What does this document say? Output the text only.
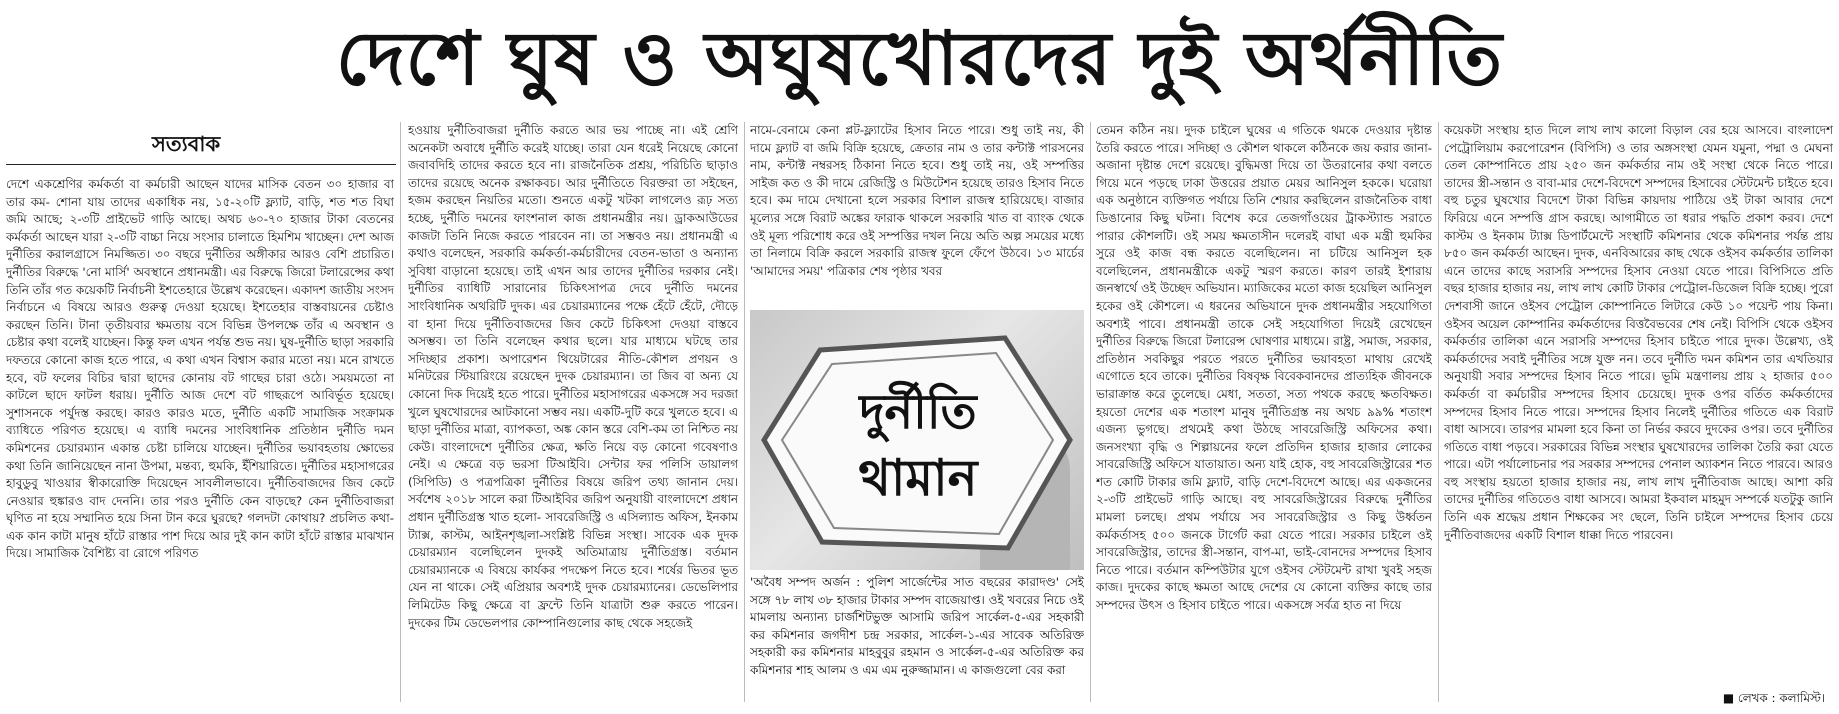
দেশে ঘুষ ও অঘুষখোরদের দুই অর্থনীতি
সত্যবাক

দেশে একশ্রেণির কর্মকর্তা বা কর্মচারী আছেন যাদের মাসিক বেতন ৩০ হাজার বা তার কম- শোনা যায় তাদের একাধিক নয়, ১৫-২০টি ফ্ল্যাট, বাড়ি, শত শত বিঘা জমি আছে; ২-৩টি প্রাইভেট গাড়ি আছে। অথচ ৬০-৭০ হাজার টাকা বেতনের কর্মকর্তা আছেন যারা ২-৩টি বাচ্চা নিয়ে সংসার চালাতে হিমশিম খাচ্ছেন। দেশ আজ দুর্নীতির করালগ্রাসে নিমজ্জিত। ৩০ বছরে দুর্নীতির অঙ্গীকার আরও বেশি প্রচারিত। দুর্নীতির বিরুদ্ধে 'নো মার্সি' অবস্থানে প্রধানমন্ত্রী। এর বিরুদ্ধে জিরো টলারেন্সের কথা তিনি তাঁর গত কয়েকটি নির্বাচনী ইশতেহারে উল্লেখ করেছেন। একাদশ জাতীয় সংসদ নির্বাচনে এ বিষয়ে আরও গুরুত্ব দেওয়া হয়েছে। ইশতেহার বাস্তবায়নের চেষ্টাও করছেন তিনি। টানা তৃতীয়বার ক্ষমতায় বসে বিভিন্ন উপলক্ষে তাঁর এ অবস্থান ও চেষ্টার কথা বলেই যাচ্ছেন। কিন্তু ফল এখন পর্যন্ত শুভ নয়। ঘুষ-দুর্নীতি ছাড়া সরকারি দফতরে কোনো কাজ হতে পারে, এ কথা এখন বিশ্বাস করার মতো নয়। মনে রাখতে হবে, বট ফলের বিচির দ্বারা ছাদের কোনায় বট গাছের চারা ওঠে। সময়মতো না কাটলে ছাদে ফাটল ধরায়। দুর্নীতি আজ দেশে বট গাছরূপে আবির্ভূত হয়েছে। সুশাসনকে পর্যুদস্ত করছে। কারও কারও মতে, দুর্নীতি একটি সামাজিক সংক্রামক ব্যাধিতে পরিণত হয়েছে। এ ব্যাধি দমনের সাংবিধানিক প্রতিষ্ঠান দুর্নীতি দমন কমিশনের চেয়ারম্যান একান্ত চেষ্টা চালিয়ে যাচ্ছেন। দুর্নীতির ভয়াবহতায় ক্ষোভের কথা তিনি জানিয়েছেন নানা উপমা, মন্তব্য, হুমকি, ইঁশিয়ারিতে। দুর্নীতির মহাসাগরের হাবুডুবু খাওয়ার স্বীকারোক্তি দিয়েছেন সাবলীলভাবে। দুর্নীতিবাজদের জিব কেটে নেওয়ার হুঙ্কারও বাদ দেননি। তার পরও দুর্নীতি কেন বাড়ছে? কেন দুর্নীতিবাজরা ঘৃণিত না হয়ে সম্মানিত হয়ে সিনা টান করে ঘুরছে? গলদটা কোথায়? প্রচলিত কথা- এক কান কাটা মানুষ হাঁটে রাস্তার পাশ দিয়ে আর দুই কান কাটা হাঁটে রাস্তার মাঝখান দিয়ে। সামাজিক বৈশিষ্ট্য বা রোগে পরিণত

হওয়ায় দুর্নীতিবাজরা দুর্নীতি করতে আর ভয় পাচ্ছে না। এই শ্রেণি অনেকটা অবাধে দুর্নীতি করেই যাচ্ছে। তারা যেন ধরেই নিয়েছে কোনো জবাবদিহি তাদের করতে হবে না। রাজনৈতিক প্রশ্রয়, পরিচিতি ছাড়াও তাদের রয়েছে অনেক রক্ষাকবচ। আর দুর্নীতিতে বিরক্তরা তা সইছেন, হজম করছেন নিয়তির মতো। শুনতে একটু খটকা লাগলেও রূঢ় সত্য হচ্ছে, দুর্নীতি দমনের ফাংশনাল কাজ প্রধানমন্ত্রীর নয়। ড্রাকআউডের কাজটা তিনি নিজে করতে পারবেন না। তা সম্ভবও নয়। প্রধানমন্ত্রী এ কথাও বলেছেন, সরকারি কর্মকর্তা-কর্মচারীদের বেতন-ভাতা ও অন্যান্য সুবিধা বাড়ানো হয়েছে। তাই এখন আর তাদের দুর্নীতির দরকার নেই। দুর্নীতির ব্যাধিটি সারানোর চিকিৎসাপত্র দেবে দুর্নীতি দমনের সাংবিধানিক অথরিটি দুদক। এর চেয়ারম্যানের পক্ষে হেঁটে হেঁটে, দৌড়ে বা হানা দিয়ে দুর্নীতিবাজদের জিব কেটে চিকিৎসা দেওয়া বাস্তবে অসম্ভব। তা তিনি বলেছেন কথার ছলে। যার মাধ্যমে ঘটছে তার সদিচ্ছার প্রকাশ। অপারেশন থিয়েটারের নীতি-কৌশল প্রণয়ন ও মনিটরের স্টিয়ারিংয়ে রয়েছেন দুদক চেয়ারম্যান। তা জিব বা অন্য যে কোনো দিক দিয়েই হতে পারে। দুর্নীতির মহাসাগরের একসঙ্গে সব দরজা খুলে ঘুষখোরদের আটকানো সম্ভব নয়। একটি-দুটি করে খুলতে হবে। এ ছাড়া দুর্নীতির মাত্রা, ব্যাপকতা, অঙ্ক কোন স্তরে বেশি-কম তা নিশ্চিত নয় কেউ। বাংলাদেশে দুর্নীতির ক্ষেত্র, ক্ষতি নিয়ে বড় কোনো গবেষণাও নেই। এ ক্ষেত্রে বড় ভরসা টিআইবি। সেন্টার ফর পলিসি ডায়ালগ (সিপিডি) ও পত্রপত্রিকা দুর্নীতির বিষয়ে জরিপ তথ্য জানান দেয়। সর্বশেষ ২০১৮ সালে করা টিআইবির জরিপ অনুযায়ী বাংলাদেশে প্রধান প্রধান দুর্নীতিগ্রস্ত খাত হলো- সাবরেজিস্ট্রি ও এসিল্যান্ড অফিস, ইনকাম ট্যাক্স, কাস্টম, আইনশৃঙ্খলা-সংশ্লিষ্ট বিভিন্ন সংস্থা। সাবেক এক দুদক চেয়ারম্যান বলেছিলেন দুদকই অতিমাত্রায় দুর্নীতিগ্রস্ত। বর্তমান চেয়ারম্যানকে এ বিষয়ে কার্যকর পদক্ষেপ নিতে হবে। শর্ষের ভিতর ভূত যেন না থাকে। সেই এপ্রিয়ার অবশ্যই দুদক চেয়ারম্যানের। ডেভেলিপার লিমিটেড কিছু ক্ষেত্রে বা ফ্রন্টে তিনি যাত্রাটা শুরু করতে পারেন। দুদকের টিম ডেভেলপার কোম্পানিগুলোর কাছ থেকে সহজেই

নামে-বেনামে কেনা প্লট-ফ্ল্যাটের হিসাব নিতে পারে। শুধু তাই নয়, কী দামে ফ্ল্যাট বা জমি বিক্রি হয়েছে, ক্রেতার নাম ও তার কন্টাক্ট পারসনের নাম, কন্টাক্ট নম্বরসহ ঠিকানা নিতে হবে। শুধু তাই নয়, ওই সম্পত্তির সাইজ কত ও কী দামে রেজিস্ট্রি ও মিউটেশন হয়েছে তারও হিসাব নিতে হবে। কম দামে দেখানো হলে সরকার বিশাল রাজস্ব হারিয়েছে। বাজার মূল্যের সঙ্গে বিরাট অঙ্কের ফারাক থাকলে সরকারি খাত বা ব্যাংক থেকে ওই মূল্য পরিশোধ করে ওই সম্পত্তির দখল নিয়ে অতি অল্প সময়ের মধ্যে তা নিলামে বিক্রি করলে সরকারি রাজস্ব ফুলে ফেঁপে উঠবে। ১৩ মার্চের 'আমাদের সময়' পত্রিকার শেষ পৃষ্ঠার খবর

দুর্নীতি
থামান
'অবৈধ সম্পদ অর্জন : পুলিশ সার্জেন্টের সাত বছরের কারাদণ্ড' সেই সঙ্গে ৭৮ লাখ ৩৮ হাজার টাকার সম্পদ বাজেয়াপ্ত। ওই খবরের নিচে ওই মামলায় অন্যান্য চার্জশিটভুক্ত আসামি জরিপ সার্কেল-৫-এর সহকারী কর কমিশনার জগদীশ চন্দ্র সরকার, সার্কেল-১-এর সাবেক অতিরিক্ত সহকারী কর কমিশনার মাহবুবুর রহমান ও সার্কেল-৫-এর অতিরিক্ত কর কমিশনার শাহ আলম ও এম এম নুরুজ্জামান। এ কাজগুলো বের করা

তেমন কঠিন নয়। দুদক চাইলে ঘুষের এ গতিকে থমকে দেওয়ার দৃষ্টান্ত তৈরি করতে পারে। সদিচ্ছা ও কৌশল থাকলে কঠিনকে জয় করার জানা-অজানা দৃষ্টান্ত দেশে রয়েছে। বুদ্ধিমত্তা দিয়ে তা উতরানোর কথা বলতে গিয়ে মনে পড়ছে ঢাকা উত্তরের প্রয়াত মেয়র আনিসুল হককে। ঘরোয়া এক অনুষ্ঠানে ব্যক্তিগত পর্যায়ে তিনি শেয়ার করছিলেন রাজনৈতিক বাধা ডিঙানোর কিছু ঘটনা। বিশেষ করে তেজগাঁওয়ের ট্রাকস্ট্যান্ড সরাতে পারার কৌশলটি। ওই সময় ক্ষমতাসীন দলেরই বাঘা এক মন্ত্রী হুমকির সুরে ওই কাজ বন্ধ করতে বলেছিলেন। না চটিয়ে আনিসুল হক বলেছিলেন, প্রধানমন্ত্রীকে একটু স্মরণ করতে। কারণ তারই ইশারায় জনস্বার্থে ওই উচ্ছেদ অভিযান। ম্যাজিকের মতো কাজ হয়েছিল আনিসুল হকের ওই কৌশলে। এ ধরনের অভিযানে দুদক প্রধানমন্ত্রীর সহযোগিতা অবশ্যই পাবে। প্রধানমন্ত্রী তাকে সেই সহযোগিতা দিয়েই রেখেছেন দুর্নীতির বিরুদ্ধে জিরো টলারেন্স ঘোষণার মাধ্যমে। রাষ্ট্র, সমাজ, সরকার, প্রতিষ্ঠান সবকিছুর পরতে পরতে দুর্নীতির ভয়াবহতা মাথায় রেখেই এগোতে হবে তাকে। দুর্নীতির বিষবৃক্ষ বিবেকবানদের প্রাত্যহিক জীবনকে ভারাক্রান্ত করে তুলেছে। মেধা, সততা, সত্য পথকে করছে ক্ষতবিক্ষত। হয়তো দেশের এক শতাংশ মানুষ দুর্নীতিগ্রস্ত নয় অথচ ৯৯% শতাংশ এজন্য ভুগছে। প্রথমেই কথা উঠছে সাবরেজিস্ট্রি অফিসের কথা। জনসংখ্যা বৃদ্ধি ও শিল্পায়নের ফলে প্রতিদিন হাজার হাজার লোকের সাবরেজিস্ট্রি অফিসে যাতায়াত। অন্য যাই হোক, বহু সাবরেজিস্ট্রারের শত শত কোটি টাকার জমি ফ্ল্যাট, বাড়ি দেশে-বিদেশে আছে। এর একজনের ২-৩টি প্রাইভেট গাড়ি আছে। বহু সাবরেজিস্ট্রারের বিরুদ্ধে দুর্নীতির মামলা চলছে। প্রথম পর্যায়ে সব সাবরেজিস্ট্রার ও কিছু উর্ধ্বতন কর্মকর্তাসহ ৫০০ জনকে টার্গেট করা যেতে পারে। সরকার চাইলে ওই সাবরেজিস্ট্রার, তাদের স্ত্রী-সন্তান, বাপ-মা, ভাই-বোনদের সম্পদের হিসাব নিতে পারে। বর্তমান কম্পিউটার যুগে ওইসব স্টেটমেন্ট রাখা খুবই সহজ কাজ। দুদকের কাছে ক্ষমতা আছে দেশের যে কোনো ব্যক্তির কাছে তার সম্পদের উৎস ও হিসাব চাইতে পারে। একসঙ্গে সর্বত্র হাত না দিয়ে

কয়েকটা সংস্থায় হাত দিলে লাখ লাখ কালো বিড়াল বের হয়ে আসবে। বাংলাদেশ পেট্রোলিয়াম করপোরেশন (বিপিসি) ও তার অঙ্গসংস্থা যেমন যমুনা, পদ্মা ও মেঘনা তেল কোম্পানিতে প্রায় ২৫০ জন কর্মকর্তার নাম ওই সংস্থা থেকে নিতে পারে। তাদের স্ত্রী-সন্তান ও বাবা-মার দেশে-বিদেশে সম্পদের হিসাবের স্টেটমেন্ট চাইতে হবে। বহু চতুর ঘুষখোর বিদেশে টাকা বিভিন্ন কায়দায় পাঠিয়ে ওই টাকা আবার দেশে ফিরিয়ে এনে সম্পত্তি গ্রাস করছে। আগামীতে তা ধরার পদ্ধতি প্রকাশ করব। দেশে কাস্টম ও ইনকাম ট্যাক্স ডিপার্টমেন্টে সংস্থাটি কমিশনার থেকে কমিশনার পর্যন্ত প্রায় ৮৫০ জন কর্মকর্তা আছেন। দুদক, এনবিআরের কাছ থেকে ওইসব কর্মকর্তার তালিকা এনে তাদের কাছে সরাসরি সম্পদের হিসাব নেওয়া যেতে পারে। বিপিসিতে প্রতি বছর হাজার হাজার নয়, লাখ লাখ কোটি টাকার পেট্রোল-ডিজেল বিক্রি হচ্ছে। পুরো দেশবাসী জানে ওইসব পেট্রোল কোম্পানিতে লিটারে কেউ ১০ পয়েন্ট পায় কিনা। ওইসব অয়েল কোম্পানির কর্মকর্তাদের বিত্তবৈভবের শেষ নেই। বিপিসি থেকে ওইসব কর্মকর্তার তালিকা এনে সরাসরি সম্পদের হিসাব চাইতে পারে দুদক। উল্লেখ্য, ওই কর্মকর্তাদের সবাই দুর্নীতির সঙ্গে যুক্ত নন। তবে দুর্নীতি দমন কমিশন তার এখতিয়ার অনুযায়ী সবার সম্পদের হিসাব নিতে পারে। ভূমি মন্ত্রণালয় প্রায় ২ হাজার ৫০০ কর্মকর্তা বা কর্মচারীর সম্পদের হিসাব চেয়েছে। দুদক ওপর বর্তিত কর্মকর্তাদের সম্পদের হিসাব নিতে পারে। সম্পদের হিসাব নিলেই দুর্নীতির গতিতে এক বিরাট বাধা আসবে। তারপর মামলা হবে কিনা তা নির্ভর করবে দুদকের ওপর। তবে দুর্নীতির গতিতে বাধা পড়বে। সরকারের বিভিন্ন সংস্থার ঘুষখোরদের তালিকা তৈরি করা যেতে পারে। এটা পর্যালোচনার পর সরকার সম্পদের পেনাল অ্যাকশন নিতে পারবে। আরও বহু সংস্থায় হয়তো হাজার হাজার নয়, লাখ লাখ দুর্নীতিবাজ আছে। আশা করি তাদের দুর্নীতির গতিতেও বাধা আসবে। আমরা ইকবাল মাহমুদ সম্পর্কে যতটুকু জানি তিনি এক শ্রদ্ধেয় প্রধান শিক্ষকের সং ছেলে, তিনি চাইলে সম্পদের হিসাব চেয়ে দুর্নীতিবাজদের একটি বিশাল ধাক্কা দিতে পারবেন।

■ লেখক : কলামিস্ট।
